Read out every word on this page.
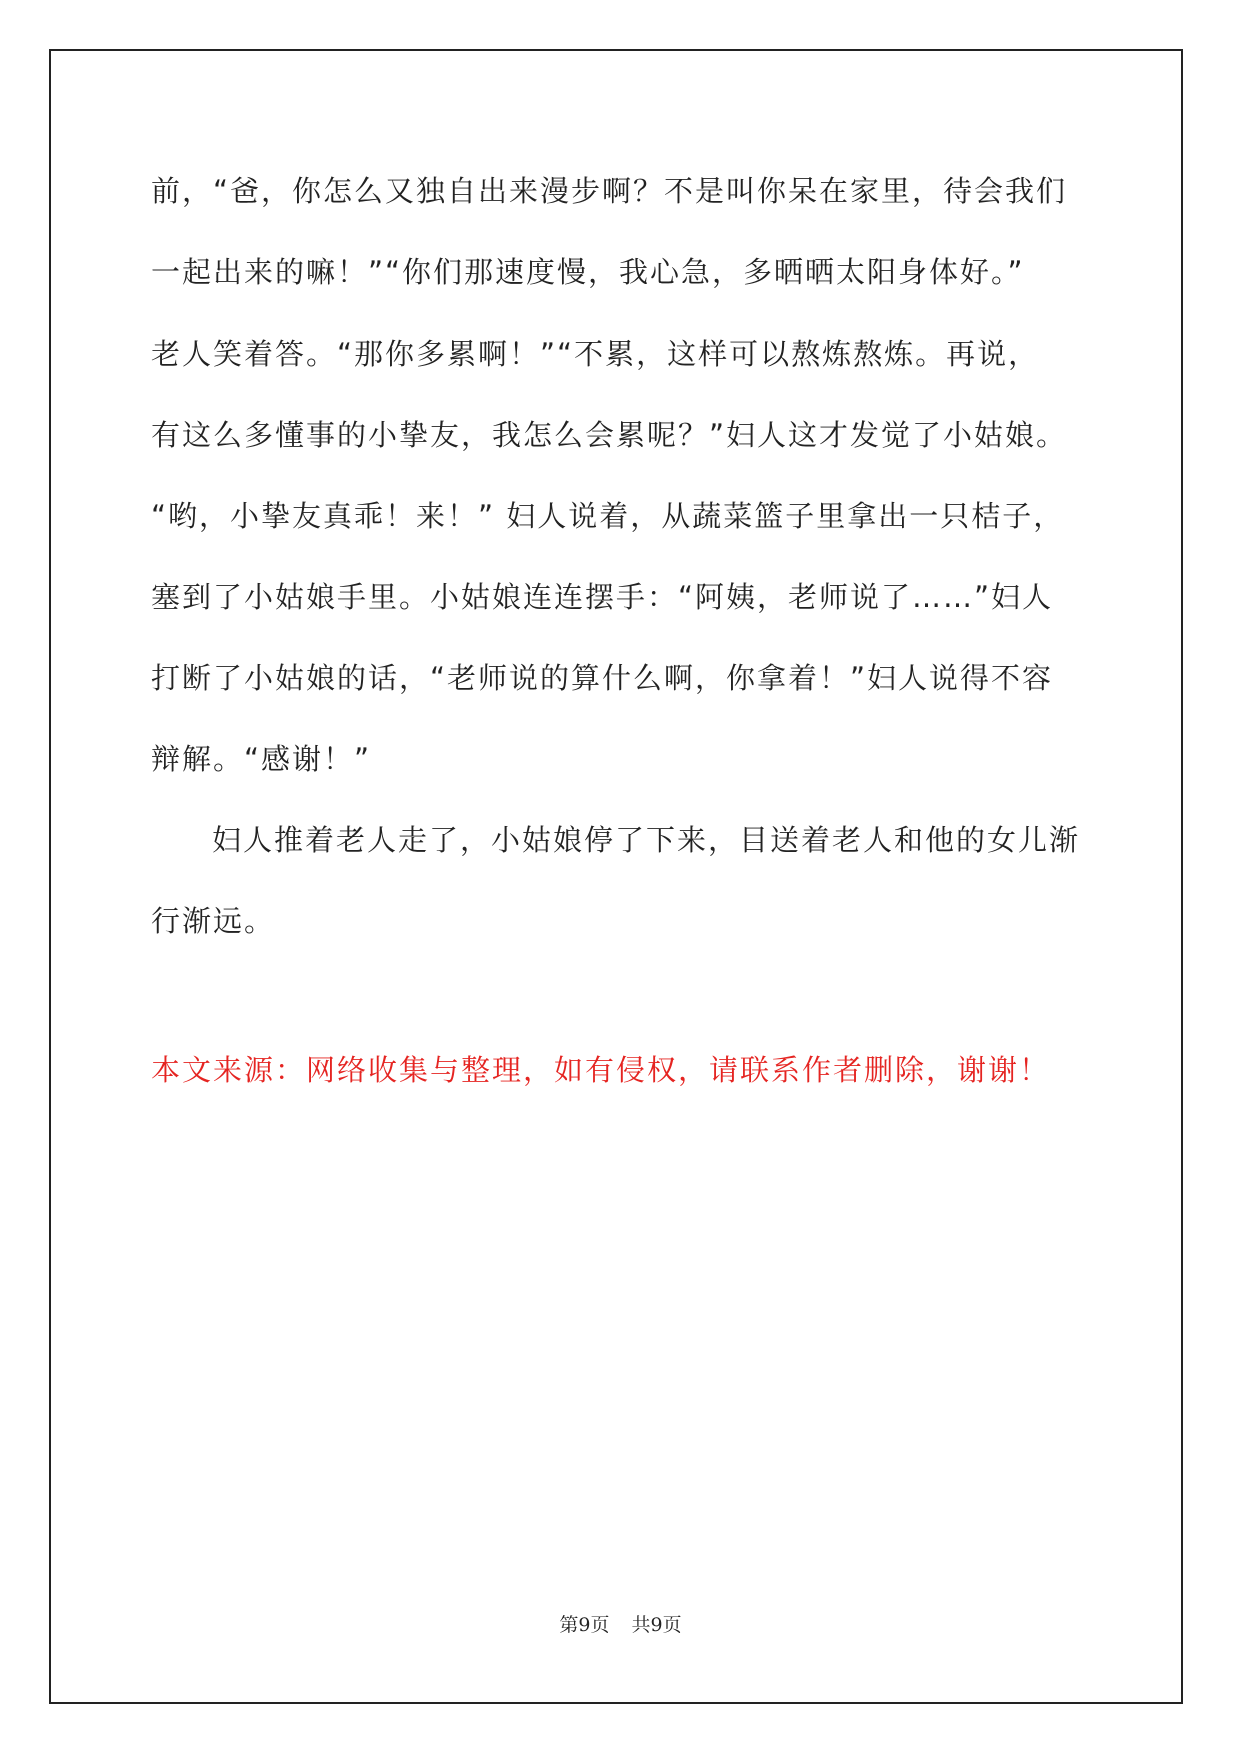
前，“爸，你怎么又独自出来漫步啊？不是叫你呆在家里，待会我们
一起出来的嘛！”“你们那速度慢，我心急，多晒晒太阳身体好。”
老人笑着答。“那你多累啊！”“不累，这样可以熬炼熬炼。再说，
有这么多懂事的小挚友，我怎么会累呢？”妇人这才发觉了小姑娘。
“哟，小挚友真乖！来！” 妇人说着，从蔬菜篮子里拿出一只桔子，
塞到了小姑娘手里。小姑娘连连摆手：“阿姨，老师说了……”妇人
打断了小姑娘的话，“老师说的算什么啊，你拿着！”妇人说得不容
辩解。“感谢！”
妇人推着老人走了，小姑娘停了下来，目送着老人和他的女儿渐
行渐远。
本文来源：网络收集与整理，如有侵权，请联系作者删除，谢谢！
第9页 共9页
